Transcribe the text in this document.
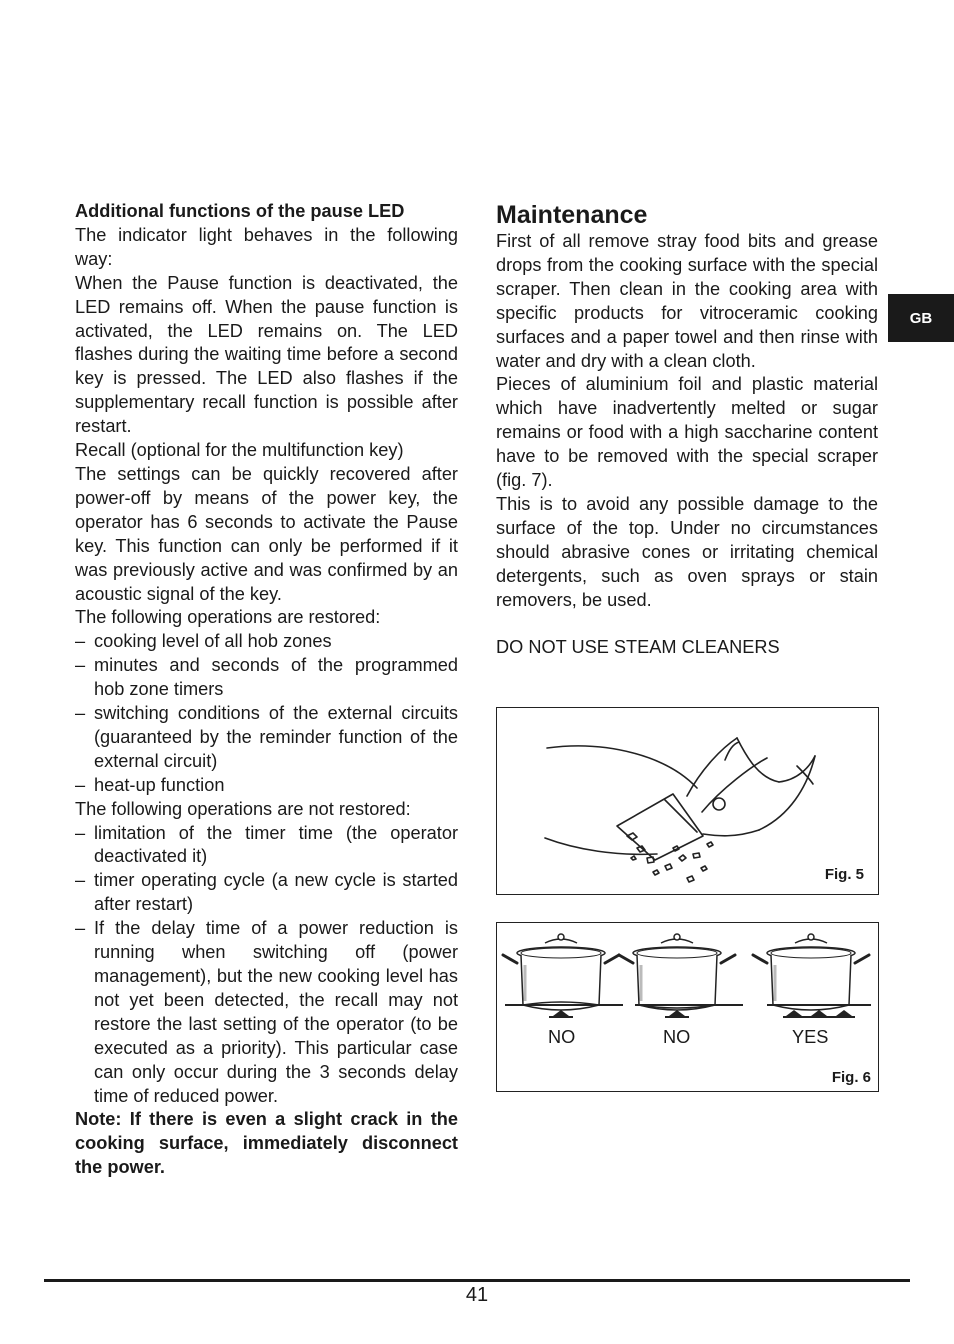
Additional functions of the pause LED

The indicator light behaves in the following way:

When the Pause function is deactivated, the LED remains off. When the pause function is activated, the LED remains on. The LED flashes during the waiting time before a second key is pressed. The LED also flashes if the supplementary recall function is possible after restart.

Recall (optional for the multifunction key)

The settings can be quickly recovered after power-off by means of the power key, the operator has 6 seconds to activate the Pause key. This function can only be performed if it was previously active and was confirmed by an acoustic signal of the key.

The following operations are restored:

– cooking level of all hob zones
– minutes and seconds of the programmed hob zone timers
– switching conditions of the external circuits (guaranteed by the reminder function of the external circuit)
– heat-up function

The following operations are not restored:

– limitation of the timer time (the operator deactivated it)
– timer operating cycle (a new cycle is started after restart)
– If the delay time of a power reduction is running when switching off (power management), but the new cooking level has not yet been detected, the recall may not restore the last setting of the operator (to be executed as a priority). This particular case can only occur during the 3 seconds delay time of reduced power.

Note: If there is even a slight crack in the cooking surface, immediately disconnect the power.

Maintenance

First of all remove stray food bits and grease drops from the cooking surface with the special scraper. Then clean in the cooking area with specific products for vitroceramic cooking surfaces and a paper towel and then rinse with water and dry with a clean cloth.

Pieces of aluminium foil and plastic material which have inadvertently melted or sugar remains or food with a high saccharine content have to be removed with the special scraper (fig. 7).

This is to avoid any possible damage to the surface of the top. Under no circumstances should abrasive cones or irritating chemical detergents, such as oven sprays or stain removers, be used.

DO NOT USE STEAM CLEANERS

GB
Fig. 5
NO	NO	YES
Fig. 6
41
